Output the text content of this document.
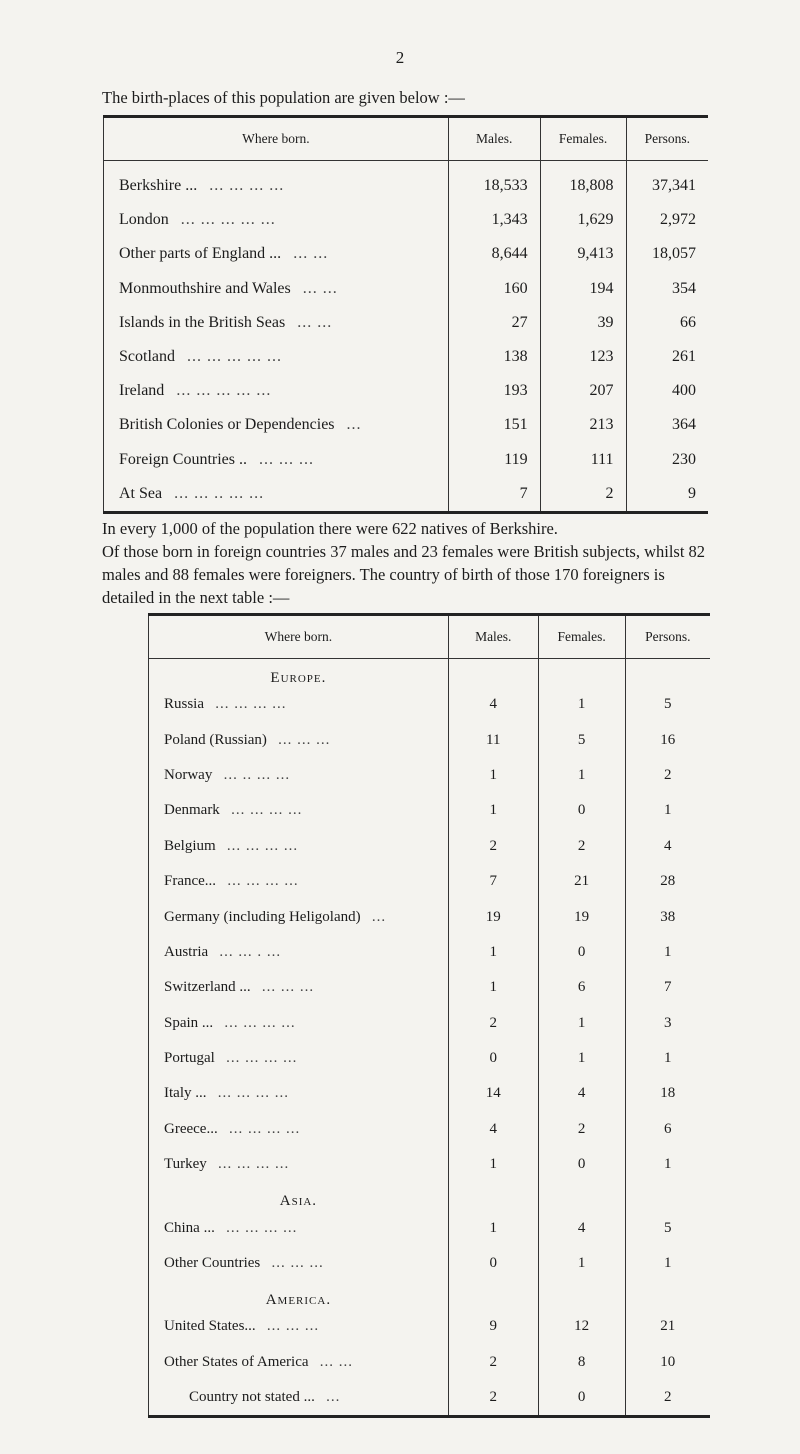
2
The birth-places of this population are given below :—
Where born.	Males.	Females.	Persons.
Berkshire ... ... ... ... ...	18,533	18,808	37,341
London ... ... ... ... ...	1,343	1,629	2,972
Other parts of England ... ... ...	8,644	9,413	18,057
Monmouthshire and Wales ... ...	160	194	354
Islands in the British Seas ... ...	27	39	66
Scotland ... ... ... ... ...	138	123	261
Ireland ... ... ... ... ...	193	207	400
British Colonies or Dependencies ...	151	213	364
Foreign Countries .. ... ... ...	119	111	230
At Sea ... ... .. ... ...	7	2	9

In every 1,000 of the population there were 622 natives of Berkshire.

Of those born in foreign countries 37 males and 23 females were British subjects, whilst 82 males and 88 females were foreigners. The country of birth of those 170 foreigners is detailed in the next table :—

Where born.	Males.	Females.	Persons.
Europe.			
Russia ... ... ... ...	4	1	5
Poland (Russian) ... ... ...	11	5	16
Norway ... .. ... ...	1	1	2
Denmark ... ... ... ...	1	0	1
Belgium ... ... ... ...	2	2	4
France... ... ... ... ...	7	21	28
Germany (including Heligoland) ...	19	19	38
Austria ... ... . ...	1	0	1
Switzerland ... ... ... ...	1	6	7
Spain ... ... ... ... ...	2	1	3
Portugal ... ... ... ...	0	1	1
Italy ... ... ... ... ...	14	4	18
Greece... ... ... ... ...	4	2	6
Turkey ... ... ... ...	1	0	1
Asia.			
China ... ... ... ... ...	1	4	5
Other Countries ... ... ...	0	1	1
America.			
United States... ... ... ...	9	12	21
Other States of America ... ...	2	8	10
Country not stated ... ...	2	0	2
